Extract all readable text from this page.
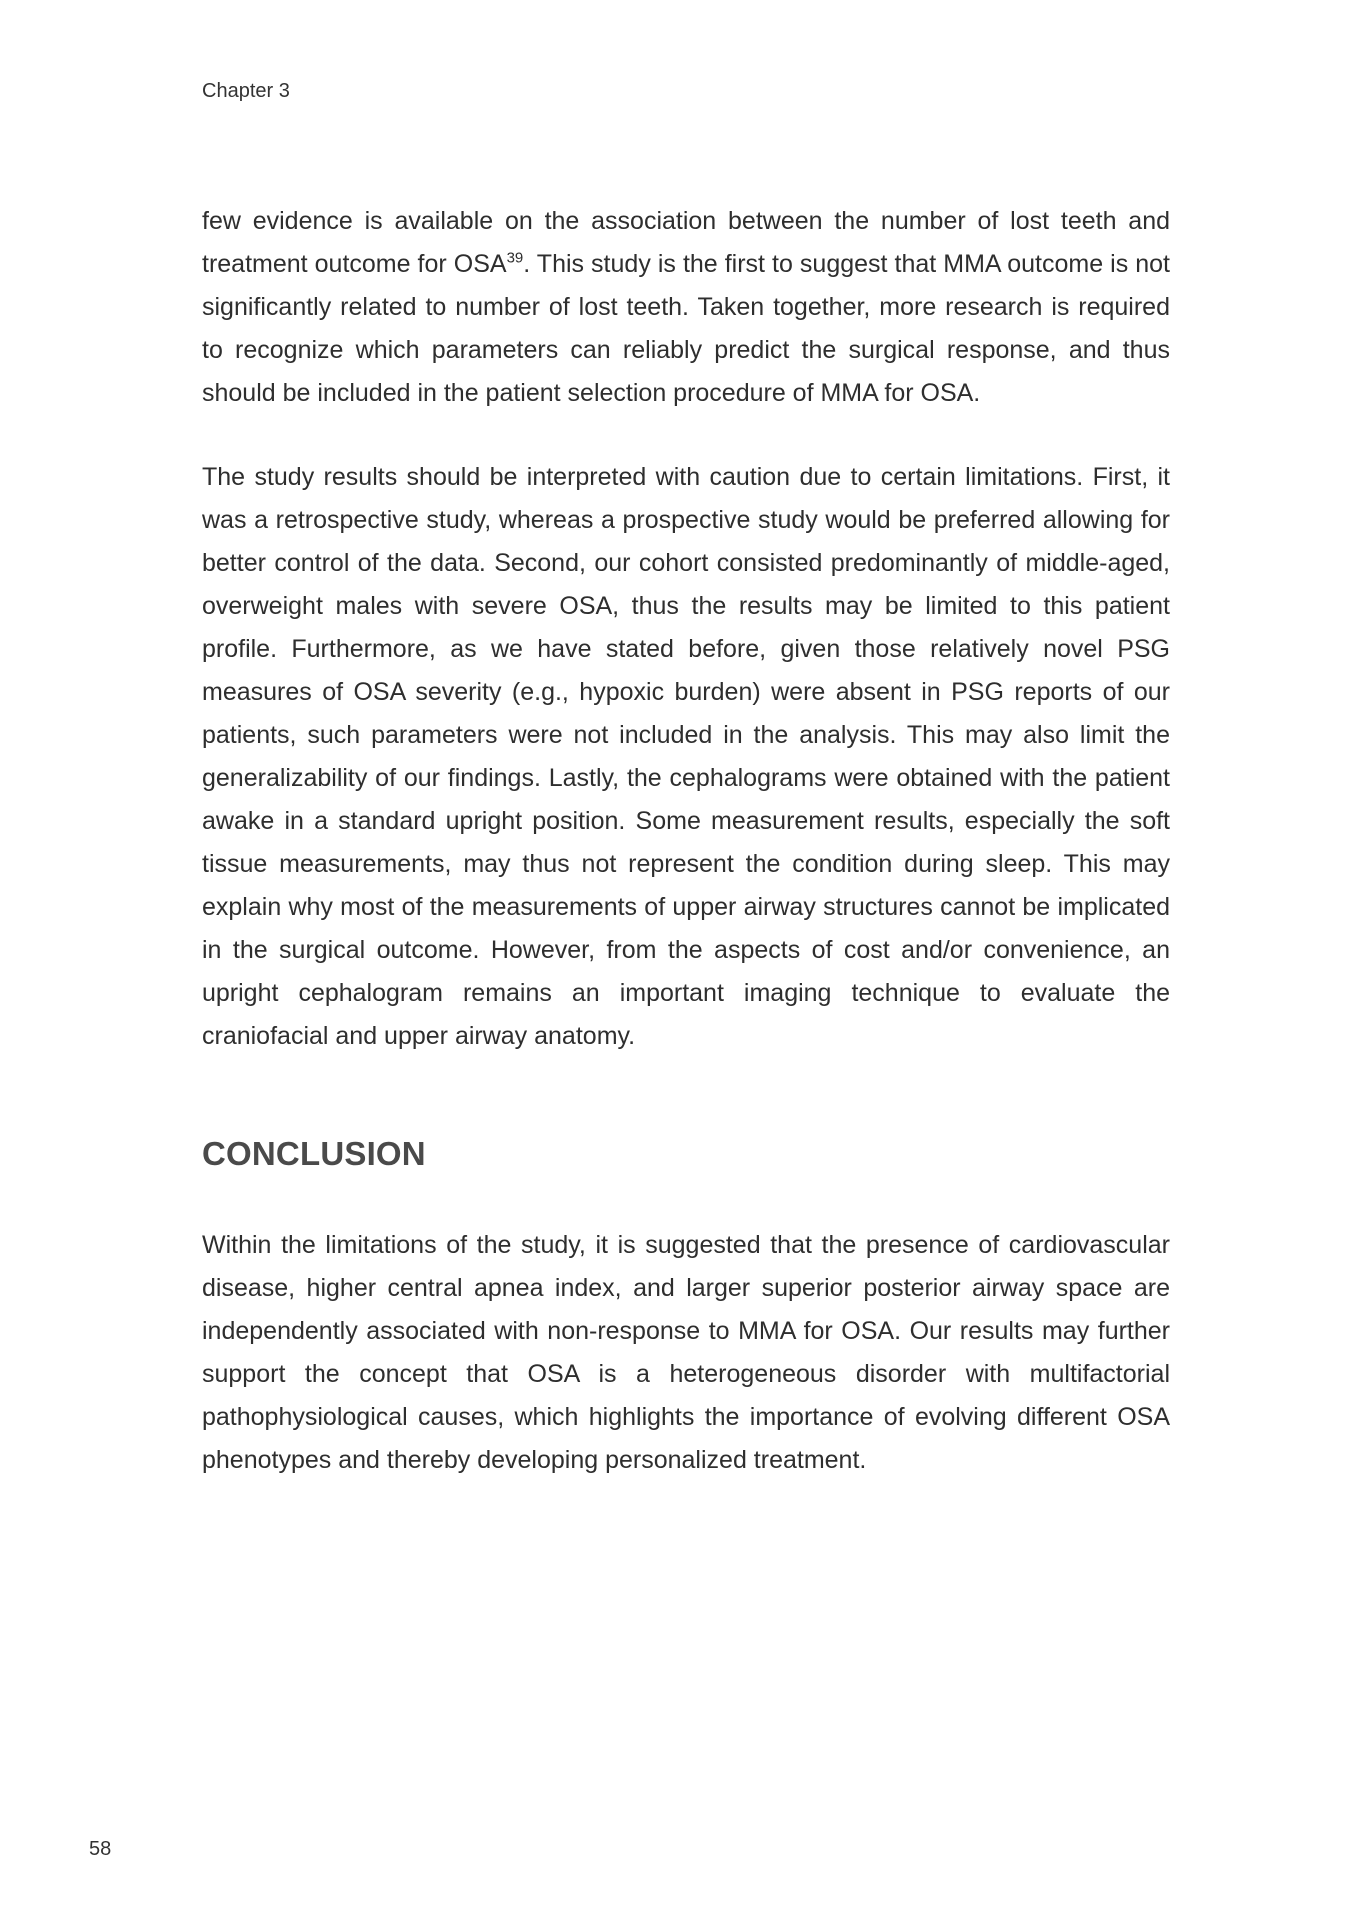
Chapter 3

few evidence is available on the association between the number of lost teeth and treatment outcome for OSA$^{39}$. This study is the first to suggest that MMA outcome is not significantly related to number of lost teeth. Taken together, more research is required to recognize which parameters can reliably predict the surgical response, and thus should be included in the patient selection procedure of MMA for OSA.

The study results should be interpreted with caution due to certain limitations. First, it was a retrospective study, whereas a prospective study would be preferred allowing for better control of the data. Second, our cohort consisted predominantly of middle-aged, overweight males with severe OSA, thus the results may be limited to this patient profile. Furthermore, as we have stated before, given those relatively novel PSG measures of OSA severity (e.g., hypoxic burden) were absent in PSG reports of our patients, such parameters were not included in the analysis. This may also limit the generalizability of our findings. Lastly, the cephalograms were obtained with the patient awake in a standard upright position. Some measurement results, especially the soft tissue measurements, may thus not represent the condition during sleep. This may explain why most of the measurements of upper airway structures cannot be implicated in the surgical outcome. However, from the aspects of cost and/or convenience, an upright cephalogram remains an important imaging technique to evaluate the craniofacial and upper airway anatomy.

CONCLUSION

Within the limitations of the study, it is suggested that the presence of cardiovascular disease, higher central apnea index, and larger superior posterior airway space are independently associated with non-response to MMA for OSA. Our results may further support the concept that OSA is a heterogeneous disorder with multifactorial pathophysiological causes, which highlights the importance of evolving different OSA phenotypes and thereby developing personalized treatment.

58
